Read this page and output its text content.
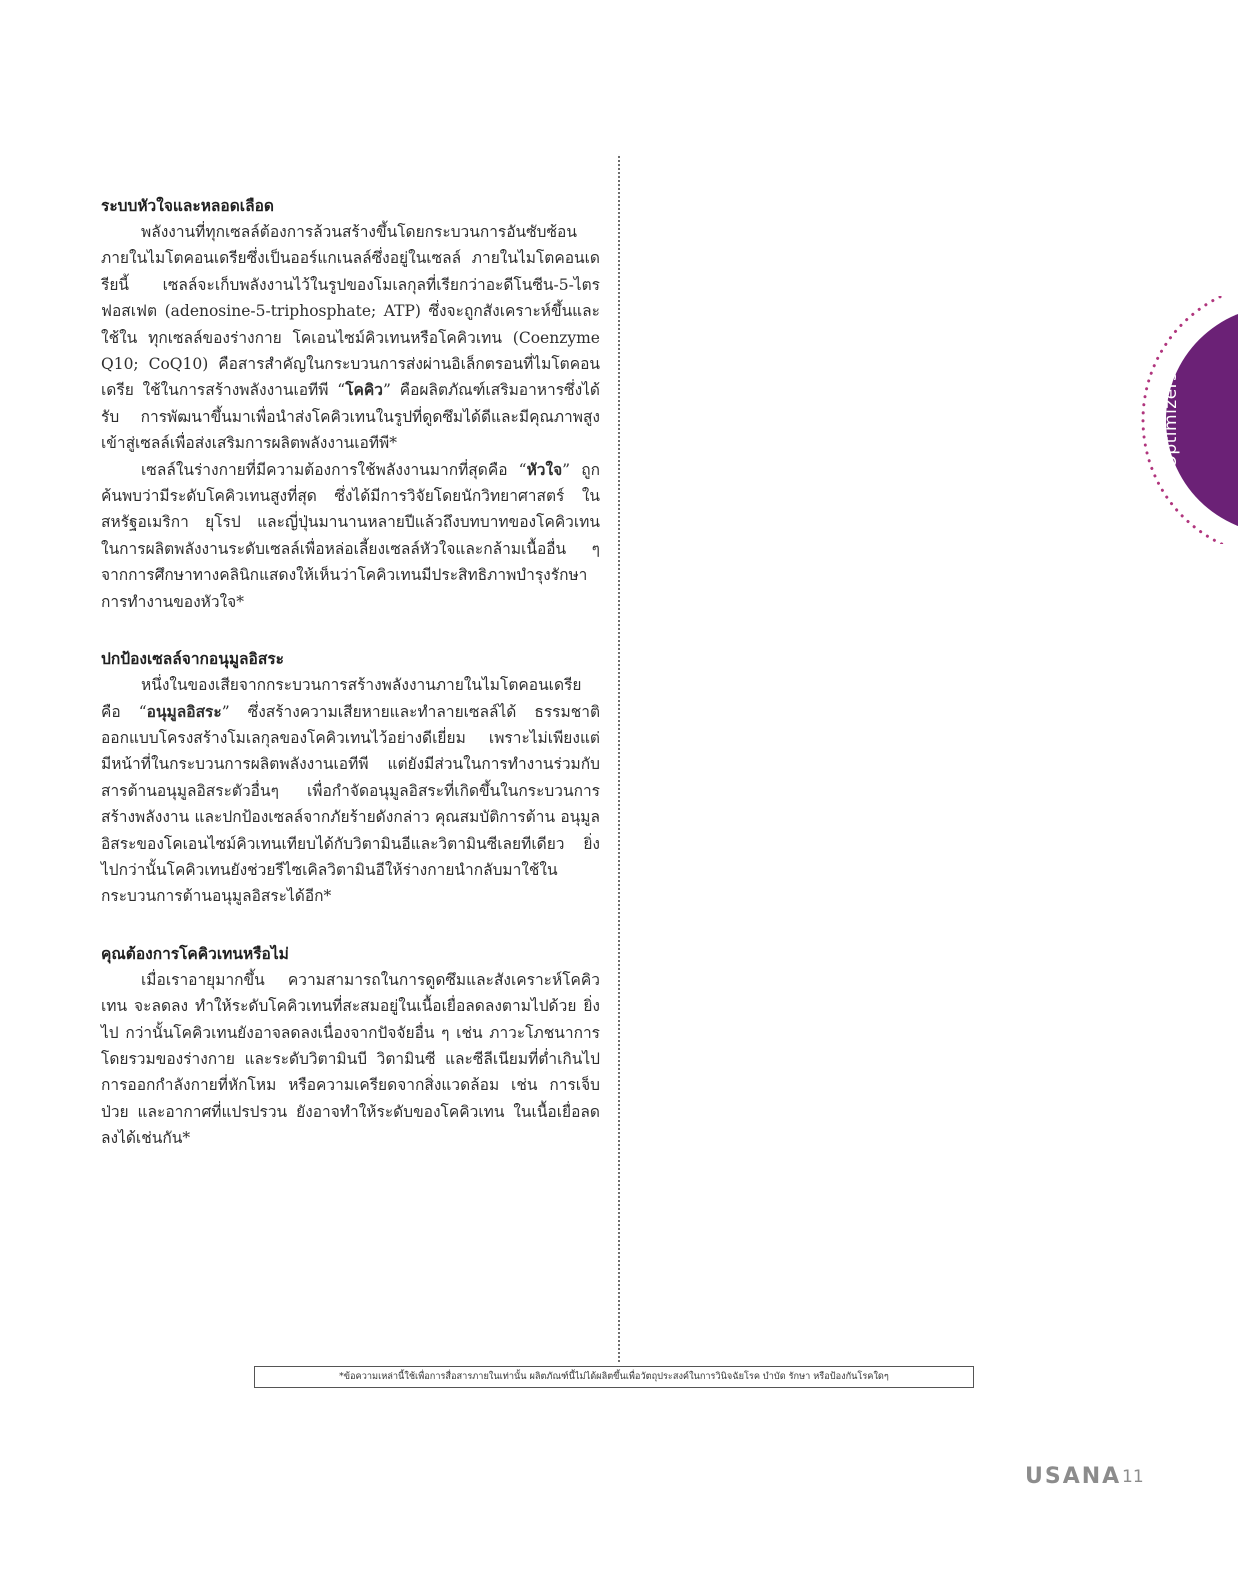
ระบบหัวใจและหลอดเลือด

พลังงานที่ทุกเซลล์ต้องการล้วนสร้างขึ้นโดยกระบวนการอันซับซ้อน ภายในไมโตคอนเดรียซึ่งเป็นออร์แกเนลล์ซึ่งอยู่ในเซลล์ ภายในไมโตคอนเดรียนี้ เซลล์จะเก็บพลังงานไว้ในรูปของโมเลกุลที่เรียกว่าอะดีโนซีน-5-ไตรฟอสเฟต (adenosine-5-triphosphate; ATP) ซึ่งจะถูกสังเคราะห์ขึ้นและใช้ใน ทุกเซลล์ของร่างกาย โคเอนไซม์คิวเทนหรือโคคิวเทน (Coenzyme Q10; CoQ10) คือสารสำคัญในกระบวนการส่งผ่านอิเล็กตรอนที่ไมโตคอนเดรีย ใช้ในการสร้างพลังงานเอทีพี “โคคิว” คือผลิตภัณฑ์เสริมอาหารซึ่งได้รับ การพัฒนาขึ้นมาเพื่อนำส่งโคคิวเทนในรูปที่ดูดซึมได้ดีและมีคุณภาพสูง เข้าสู่เซลล์เพื่อส่งเสริมการผลิตพลังงานเอทีพี*

เซลล์ในร่างกายที่มีความต้องการใช้พลังงานมากที่สุดคือ “หัวใจ” ถูก ค้นพบว่ามีระดับโคคิวเทนสูงที่สุด ซึ่งได้มีการวิจัยโดยนักวิทยาศาสตร์ ในสหรัฐอเมริกา ยุโรป และญี่ปุ่นมานานหลายปีแล้วถึงบทบาทของโคคิวเทน ในการผลิตพลังงานระดับเซลล์เพื่อหล่อเลี้ยงเซลล์หัวใจและกล้ามเนื้ออื่น ๆ จากการศึกษาทางคลินิกแสดงให้เห็นว่าโคคิวเทนมีประสิทธิภาพบำรุงรักษา การทำงานของหัวใจ*

ปกป้องเซลล์จากอนุมูลอิสระ

หนึ่งในของเสียจากกระบวนการสร้างพลังงานภายในไมโตคอนเดรีย คือ “อนุมูลอิสระ” ซึ่งสร้างความเสียหายและทำลายเซลล์ได้ ธรรมชาติ ออกแบบโครงสร้างโมเลกุลของโคคิวเทนไว้อย่างดีเยี่ยม เพราะไม่เพียงแต่ มีหน้าที่ในกระบวนการผลิตพลังงานเอทีพี แต่ยังมีส่วนในการทำงานร่วมกับ สารต้านอนุมูลอิสระตัวอื่นๆ เพื่อกำจัดอนุมูลอิสระที่เกิดขึ้นในกระบวนการ สร้างพลังงาน และปกป้องเซลล์จากภัยร้ายดังกล่าว คุณสมบัติการต้าน อนุมูลอิสระของโคเอนไซม์คิวเทนเทียบได้กับวิตามินอีและวิตามินซีเลยทีเดียว ยิ่งไปกว่านั้นโคคิวเทนยังช่วยรีไซเคิลวิตามินอีให้ร่างกายนำกลับมาใช้ใน กระบวนการต้านอนุมูลอิสระได้อีก*

คุณต้องการโคคิวเทนหรือไม่

เมื่อเราอายุมากขึ้น ความสามารถในการดูดซึมและสังเคราะห์โคคิวเทน จะลดลง ทำให้ระดับโคคิวเทนที่สะสมอยู่ในเนื้อเยื่อลดลงตามไปด้วย ยิ่งไป กว่านั้นโคคิวเทนยังอาจลดลงเนื่องจากปัจจัยอื่น ๆ เช่น ภาวะโภชนาการ โดยรวมของร่างกาย และระดับวิตามินบี วิตามินซี และซีลีเนียมที่ต่ำเกินไป การออกกำลังกายที่หักโหม หรือความเครียดจากสิ่งแวดล้อม เช่น การเจ็บป่วย และอากาศที่แปรปรวน ยังอาจทำให้ระดับของโคคิวเทน ในเนื้อเยื่อลดลงได้เช่นกัน*

Optimizers
*ข้อความเหล่านี้ใช้เพื่อการสื่อสารภายในเท่านั้น ผลิตภัณฑ์นี้ไม่ได้ผลิตขึ้นเพื่อวัตถุประสงค์ในการวินิจฉัยโรค บำบัด รักษา หรือป้องกันโรคใดๆ
USANA 11
